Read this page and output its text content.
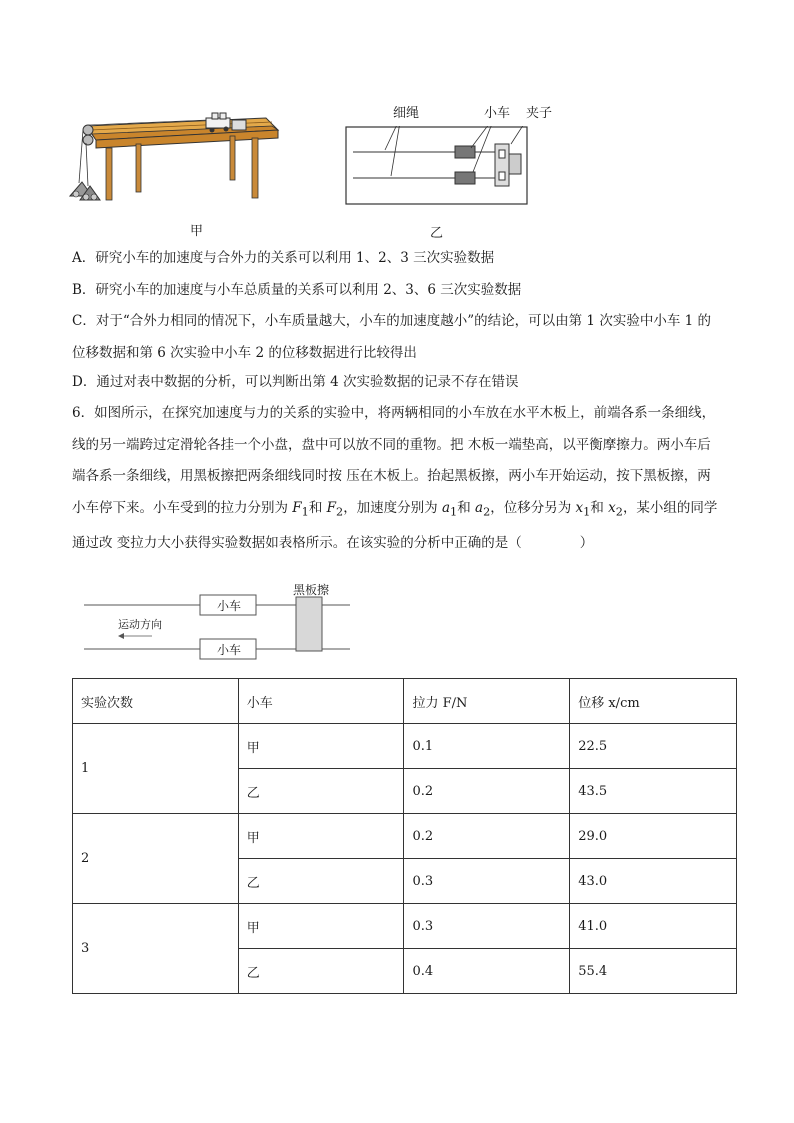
甲
细绳	小车 夹子
乙
A．研究小车的加速度与合外力的关系可以利用 1、2、3 三次实验数据
B．研究小车的加速度与小车总质量的关系可以利用 2、3、6 三次实验数据
C．对于“合外力相同的情况下，小车质量越大，小车的加速度越小”的结论，可以由第 1 次实验中小车 1 的位移数据和第 6 次实验中小车 2 的位移数据进行比较得出
D．通过对表中数据的分析，可以判断出第 4 次实验数据的记录不存在错误
6．如图所示，在探究加速度与力的关系的实验中，将两辆相同的小车放在水平木板上，前端各系一条细线，线的另一端跨过定滑轮各挂一个小盘，盘中可以放不同的重物。把 木板一端垫高，以平衡摩擦力。两小车后端各系一条细线，用黑板擦把两条细线同时按 压在木板上。抬起黑板擦，两小车开始运动，按下黑板擦，两小车停下来。小车受到的拉力分别为 $F_1$和 $F_2$，加速度分别为 $a_1$和 $a_2$，位移分另为 $x_1$和 $x_2$，某小组的同学通过改 变拉力大小获得实验数据如表格所示。在该实验的分析中正确的是（	）
小车
小车
黑板擦
运动方向
实验次数	小车	拉力 F/N	位移 x/cm
1	甲	0.1	22.5
	乙	0.2	43.5
2	甲	0.2	29.0
	乙	0.3	43.0
3	甲	0.3	41.0
	乙	0.4	55.4
